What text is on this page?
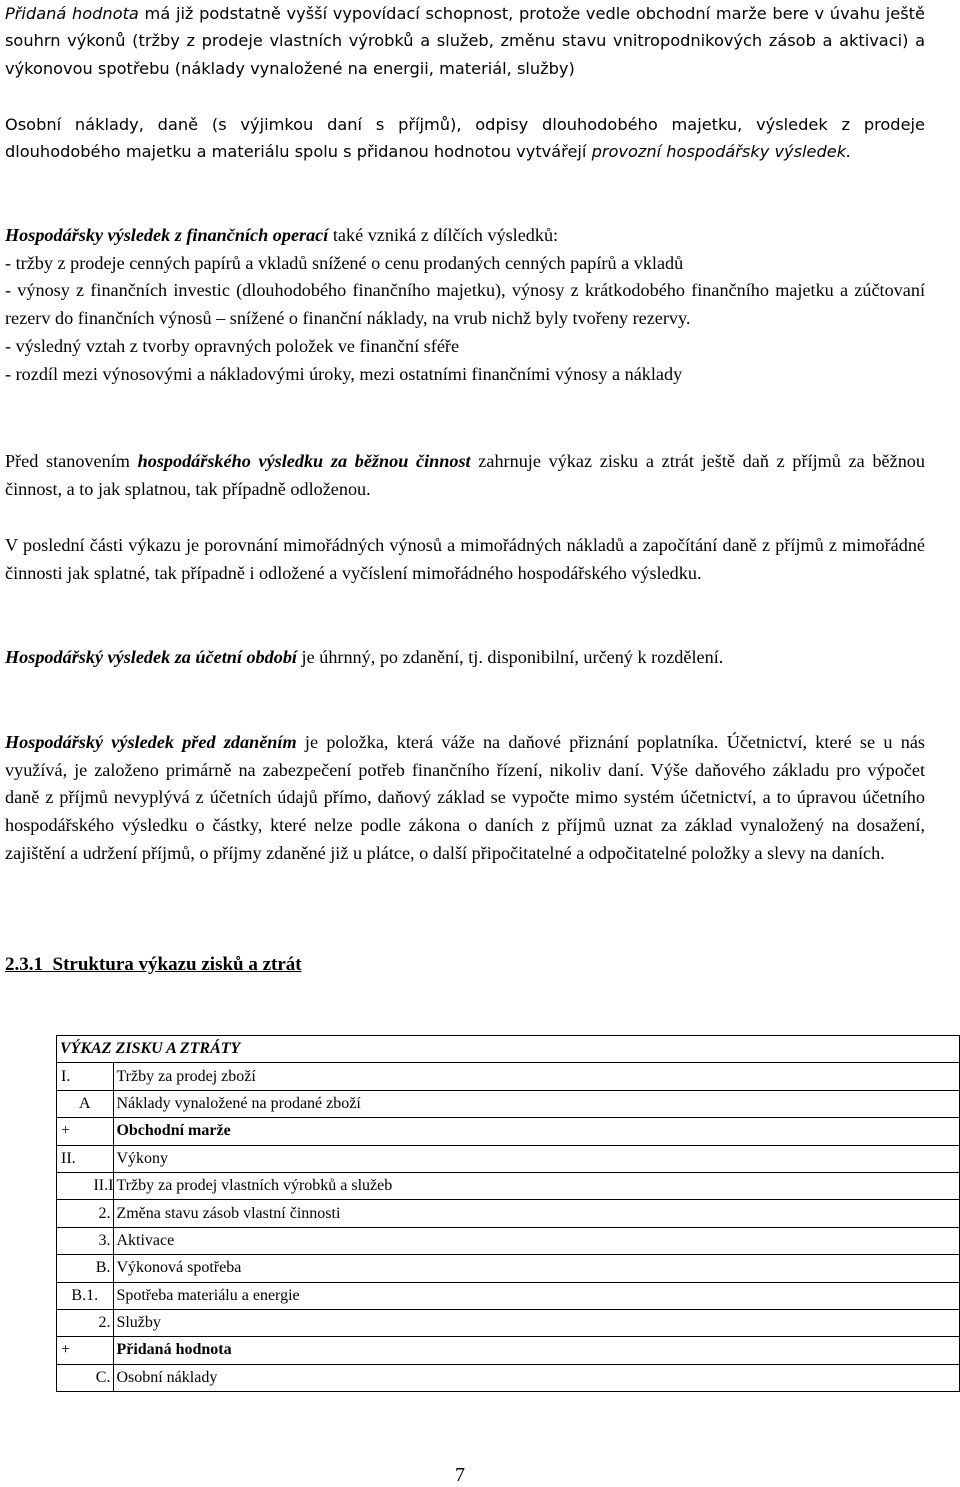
Přidaná hodnota má již podstatně vyšší vypovídací schopnost, protože vedle obchodní marže bere v úvahu ještě souhrn výkonů (tržby z prodeje vlastních výrobků a služeb, změnu stavu vnitropodnikových zásob a aktivaci) a výkonovou spotřebu (náklady vynaložené na energii, materiál, služby)

Osobní náklady, daně (s výjimkou daní s příjmů), odpisy dlouhodobého majetku, výsledek z prodeje dlouhodobého majetku a materiálu spolu s přidanou hodnotou vytvářejí provozní hospodářsky výsledek.

Hospodářsky výsledek z finančních operací také vzniká z dílčích výsledků:

- tržby z prodeje cenných papírů a vkladů snížené o cenu prodaných cenných papírů a vkladů

- výnosy z finančních investic (dlouhodobého finančního majetku), výnosy z krátkodobého finančního majetku a zúčtovaní rezerv do finančních výnosů – snížené o finanční náklady, na vrub nichž byly tvořeny rezervy.

- výsledný vztah z tvorby opravných položek ve finanční sféře

- rozdíl mezi výnosovými a nákladovými úroky, mezi ostatními finančními výnosy a náklady

Před stanovením hospodářského výsledku za běžnou činnost zahrnuje výkaz zisku a ztrát ještě daň z příjmů za běžnou činnost, a to jak splatnou, tak případně odloženou.

V poslední části výkazu je porovnání mimořádných výnosů a mimořádných nákladů a započítání daně z příjmů z mimořádné činnosti jak splatné, tak případně i odložené a vyčíslení mimořádného hospodářského výsledku.

Hospodářský výsledek za účetní období je úhrnný, po zdanění, tj. disponibilní, určený k rozdělení.

Hospodářský výsledek před zdaněním je položka, která váže na daňové přiznání poplatníka. Účetnictví, které se u nás využívá, je založeno primárně na zabezpečení potřeb finančního řízení, nikoliv daní. Výše daňového základu pro výpočet daně z příjmů nevyplývá z účetních údajů přímo, daňový základ se vypočte mimo systém účetnictví, a to úpravou účetního hospodářského výsledku o částky, které nelze podle zákona o daních z příjmů uznat za základ vynaložený na dosažení, zajištění a udržení příjmů, o příjmy zdaněné již u plátce, o další připočitatelné a odpočitatelné položky a slevy na daních.

2.3.1  Struktura výkazu zisků a ztrát

VÝKAZ ZISKU A ZTRÁTY	
I.	Tržby za prodej zboží
A	Náklady vynaložené na prodané zboží
+	Obchodní marže
II.	Výkony
II.I	Tržby za prodej vlastních výrobků a služeb
2.	Změna stavu zásob vlastní činnosti
3.	Aktivace
B.	Výkonová spotřeba
B.1.	Spotřeba materiálu a energie
2.	Služby
+	Přidaná hodnota
C.	Osobní náklady
7
